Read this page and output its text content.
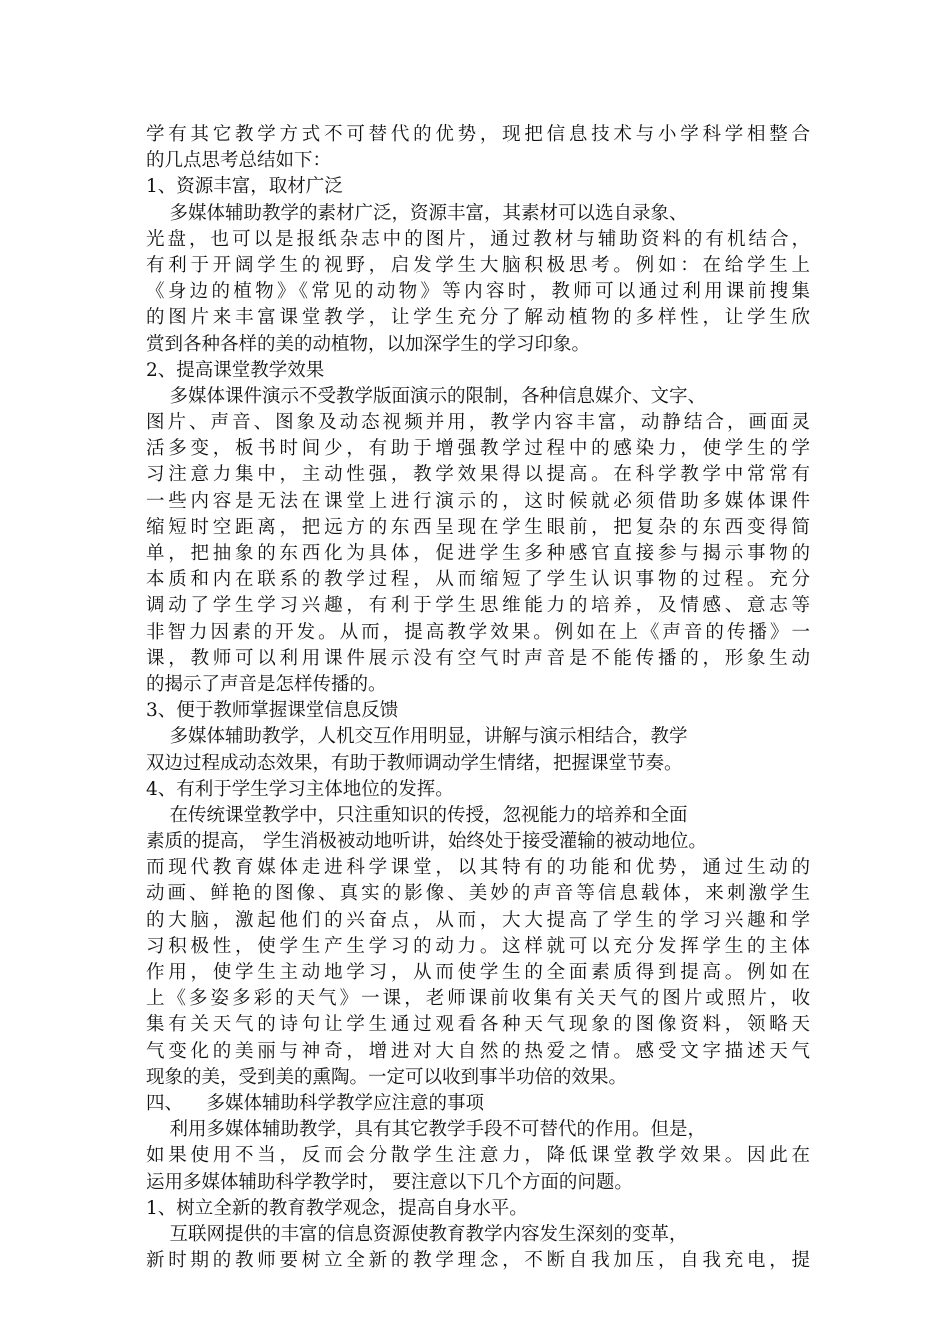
学有其它教学方式不可替代的优势，现把信息技术与小学科学相整合
的几点思考总结如下：
1、资源丰富，取材广泛
多媒体辅助教学的素材广泛，资源丰富，其素材可以选自录象、
光盘，也可以是报纸杂志中的图片，通过教材与辅助资料的有机结合，
有利于开阔学生的视野，启发学生大脑积极思考。例如：在给学生上
《身边的植物》《常见的动物》等内容时，教师可以通过利用课前搜集
的图片来丰富课堂教学，让学生充分了解动植物的多样性，让学生欣
赏到各种各样的美的动植物，以加深学生的学习印象。
2、提高课堂教学效果
多媒体课件演示不受教学版面演示的限制，各种信息媒介、文字、
图片、声音、图象及动态视频并用，教学内容丰富，动静结合，画面灵
活多变，板书时间少，有助于增强教学过程中的感染力，使学生的学
习注意力集中，主动性强，教学效果得以提高。在科学教学中常常有
一些内容是无法在课堂上进行演示的，这时候就必须借助多媒体课件
缩短时空距离，把远方的东西呈现在学生眼前，把复杂的东西变得简
单，把抽象的东西化为具体，促进学生多种感官直接参与揭示事物的
本质和内在联系的教学过程，从而缩短了学生认识事物的过程。充分
调动了学生学习兴趣，有利于学生思维能力的培养，及情感、意志等
非智力因素的开发。从而，提高教学效果。例如在上《声音的传播》一
课，教师可以利用课件展示没有空气时声音是不能传播的，形象生动
的揭示了声音是怎样传播的。
3、便于教师掌握课堂信息反馈
多媒体辅助教学，人机交互作用明显，讲解与演示相结合，教学
双边过程成动态效果，有助于教师调动学生情绪，把握课堂节奏。
4、有利于学生学习主体地位的发挥。
在传统课堂教学中，只注重知识的传授，忽视能力的培养和全面
素质的提高， 学生消极被动地听讲，始终处于接受灌输的被动地位。
而现代教育媒体走进科学课堂，以其特有的功能和优势，通过生动的
动画、鲜艳的图像、真实的影像、美妙的声音等信息载体，来刺激学生
的大脑，激起他们的兴奋点，从而，大大提高了学生的学习兴趣和学
习积极性，使学生产生学习的动力。这样就可以充分发挥学生的主体
作用，使学生主动地学习，从而使学生的全面素质得到提高。例如在
上《多姿多彩的天气》一课，老师课前收集有关天气的图片或照片，收
集有关天气的诗句让学生通过观看各种天气现象的图像资料，领略天
气变化的美丽与神奇，增进对大自然的热爱之情。感受文字描述天气
现象的美，受到美的熏陶。一定可以收到事半功倍的效果。
四、    多媒体辅助科学教学应注意的事项
利用多媒体辅助教学，具有其它教学手段不可替代的作用。但是，
如果使用不当，反而会分散学生注意力，降低课堂教学效果。因此在
运用多媒体辅助科学教学时， 要注意以下几个方面的问题。
1、树立全新的教育教学观念，提高自身水平。
互联网提供的丰富的信息资源使教育教学内容发生深刻的变革，
新时期的教师要树立全新的教学理念，不断自我加压，自我充电，提
